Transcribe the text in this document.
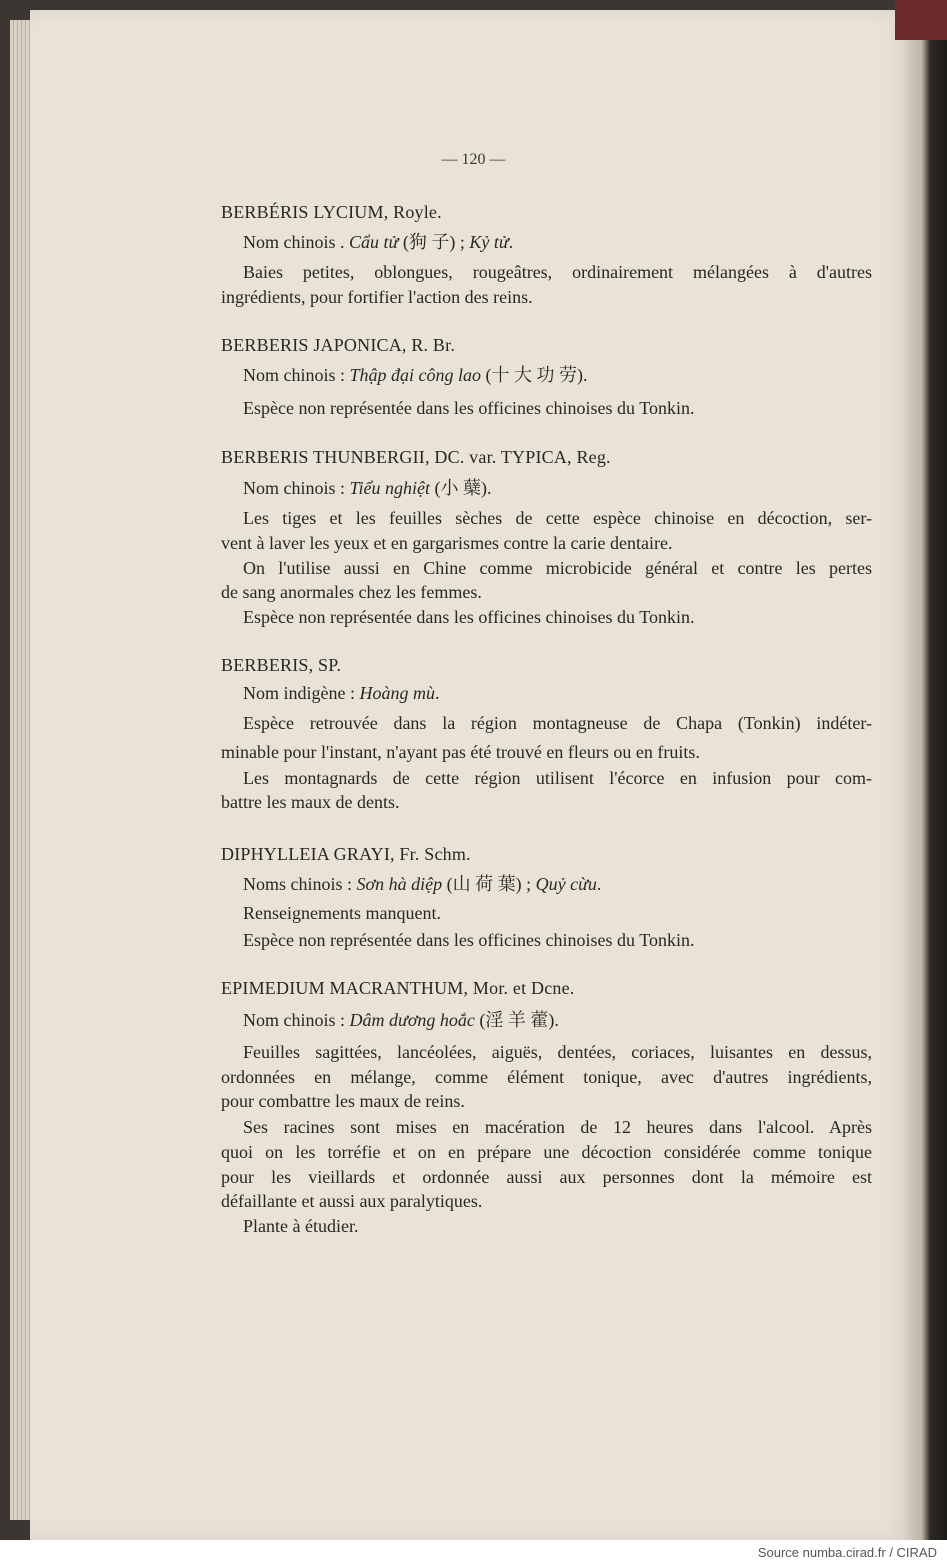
— 120 —
BERBÉRIS LYCIUM, Royle.
Nom chinois . Cẩu tử (狗 子) ; Kỷ tử.
Baies petites, oblongues, rougeâtres, ordinairement mélangées à d'autres
ingrédients, pour fortifier l'action des reins.
BERBERIS JAPONICA, R. Br.
Nom chinois : Thập đại công lao (十 大 功 劳).
Espèce non représentée dans les officines chinoises du Tonkin.
BERBERIS THUNBERGII, DC. var. TYPICA, Reg.
Nom chinois : Tiểu nghiệt (小 蘖).
Les tiges et les feuilles sèches de cette espèce chinoise en décoction, ser-
vent à laver les yeux et en gargarismes contre la carie dentaire.
On l'utilise aussi en Chine comme microbicide général et contre les pertes
de sang anormales chez les femmes.
Espèce non représentée dans les officines chinoises du Tonkin.
BERBERIS, SP.
Nom indigène : Hoàng mù.
Espèce retrouvée dans la région montagneuse de Chapa (Tonkin) indéter-
minable pour l'instant, n'ayant pas été trouvé en fleurs ou en fruits.
Les montagnards de cette région utilisent l'écorce en infusion pour com-
battre les maux de dents.
DIPHYLLEIA GRAYI, Fr. Schm.
Noms chinois : Sơn hà diệp (山 荷 葉) ; Quỷ cừu.
Renseignements manquent.
Espèce non représentée dans les officines chinoises du Tonkin.
EPIMEDIUM MACRANTHUM, Mor. et Dcne.
Nom chinois : Dâm dương hoắc (淫 羊 藿).
Feuilles sagittées, lancéolées, aiguës, dentées, coriaces, luisantes en dessus,
ordonnées en mélange, comme élément tonique, avec d'autres ingrédients,
pour combattre les maux de reins.
Ses racines sont mises en macération de 12 heures dans l'alcool. Après
quoi on les torréfie et on en prépare une décoction considérée comme tonique
pour les vieillards et ordonnée aussi aux personnes dont la mémoire est
défaillante et aussi aux paralytiques.
Plante à étudier.
Source numba.cirad.fr / CIRAD
